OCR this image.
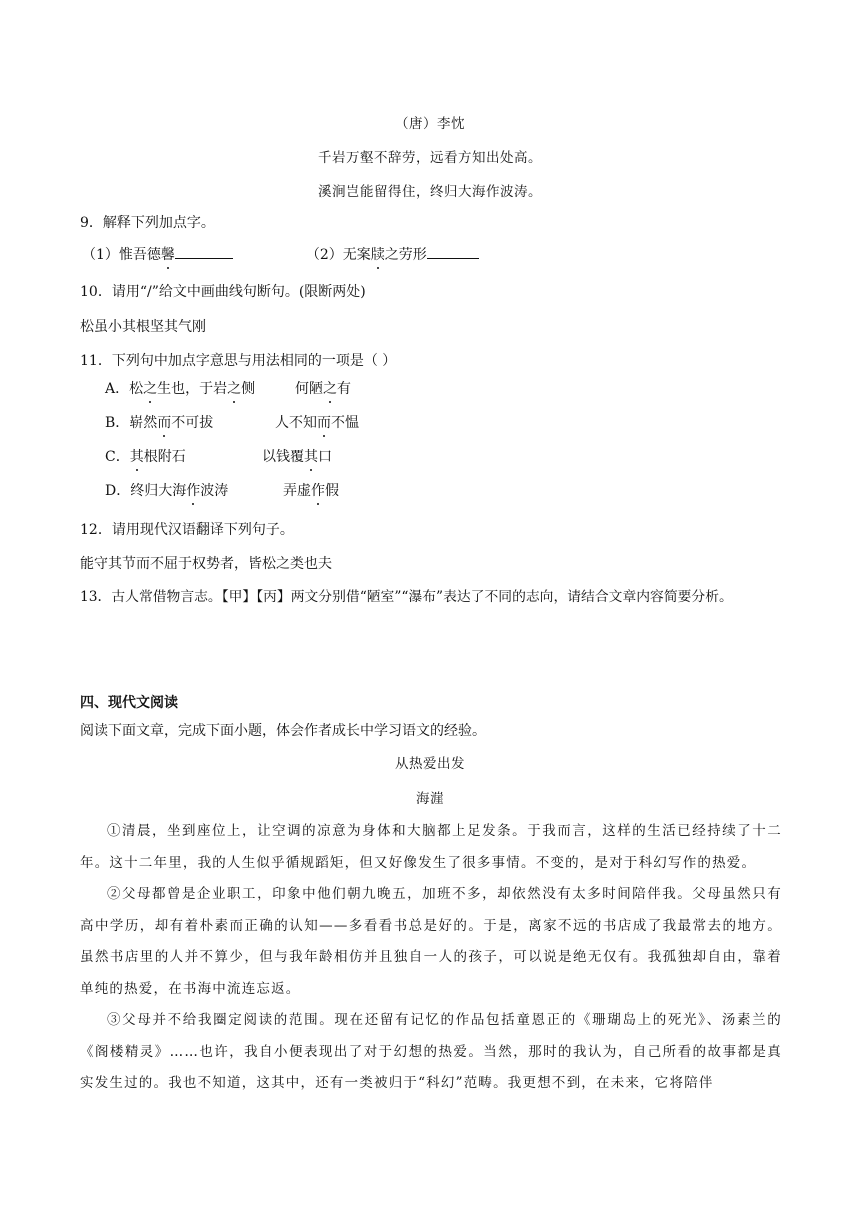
（唐）李忱
千岩万壑不辞劳，远看方知出处高。
溪涧岂能留得住，终归大海作波涛。
9．解释下列加点字。
（1）惟吾德馨	（2）无案牍之劳形
10．请用“/”给文中画曲线句断句。(限断两处)
松虽小其根坚其气刚
11．下列句中加点字意思与用法相同的一项是（ ）
A．松之生也，于岩之侧	何陋之有
B．崭然而不可拔	人不知而不愠
C．其根附石	以钱覆其口
D．终归大海作波涛	弄虚作假
12．请用现代汉语翻译下列句子。
能守其节而不屈于权势者，皆松之类也夫
13．古人常借物言志。【甲】【丙】两文分别借“陋室”“瀑布”表达了不同的志向，请结合文章内容简要分析。
四、现代文阅读
阅读下面文章，完成下面小题，体会作者成长中学习语文的经验。
从热爱出发
海漄
①清晨，坐到座位上，让空调的凉意为身体和大脑都上足发条。于我而言，这样的生活已经持续了十二年。这十二年里，我的人生似乎循规蹈矩，但又好像发生了很多事情。不变的，是对于科幻写作的热爱。
②父母都曾是企业职工，印象中他们朝九晚五，加班不多，却依然没有太多时间陪伴我。父母虽然只有高中学历，却有着朴素而正确的认知——多看看书总是好的。于是，离家不远的书店成了我最常去的地方。虽然书店里的人并不算少，但与我年龄相仿并且独自一人的孩子，可以说是绝无仅有。我孤独却自由，靠着单纯的热爱，在书海中流连忘返。
③父母并不给我圈定阅读的范围。现在还留有记忆的作品包括童恩正的《珊瑚岛上的死光》、汤素兰的《阁楼精灵》……也许，我自小便表现出了对于幻想的热爱。当然，那时的我认为，自己所看的故事都是真实发生过的。我也不知道，这其中，还有一类被归于“科幻”范畴。我更想不到，在未来，它将陪伴
